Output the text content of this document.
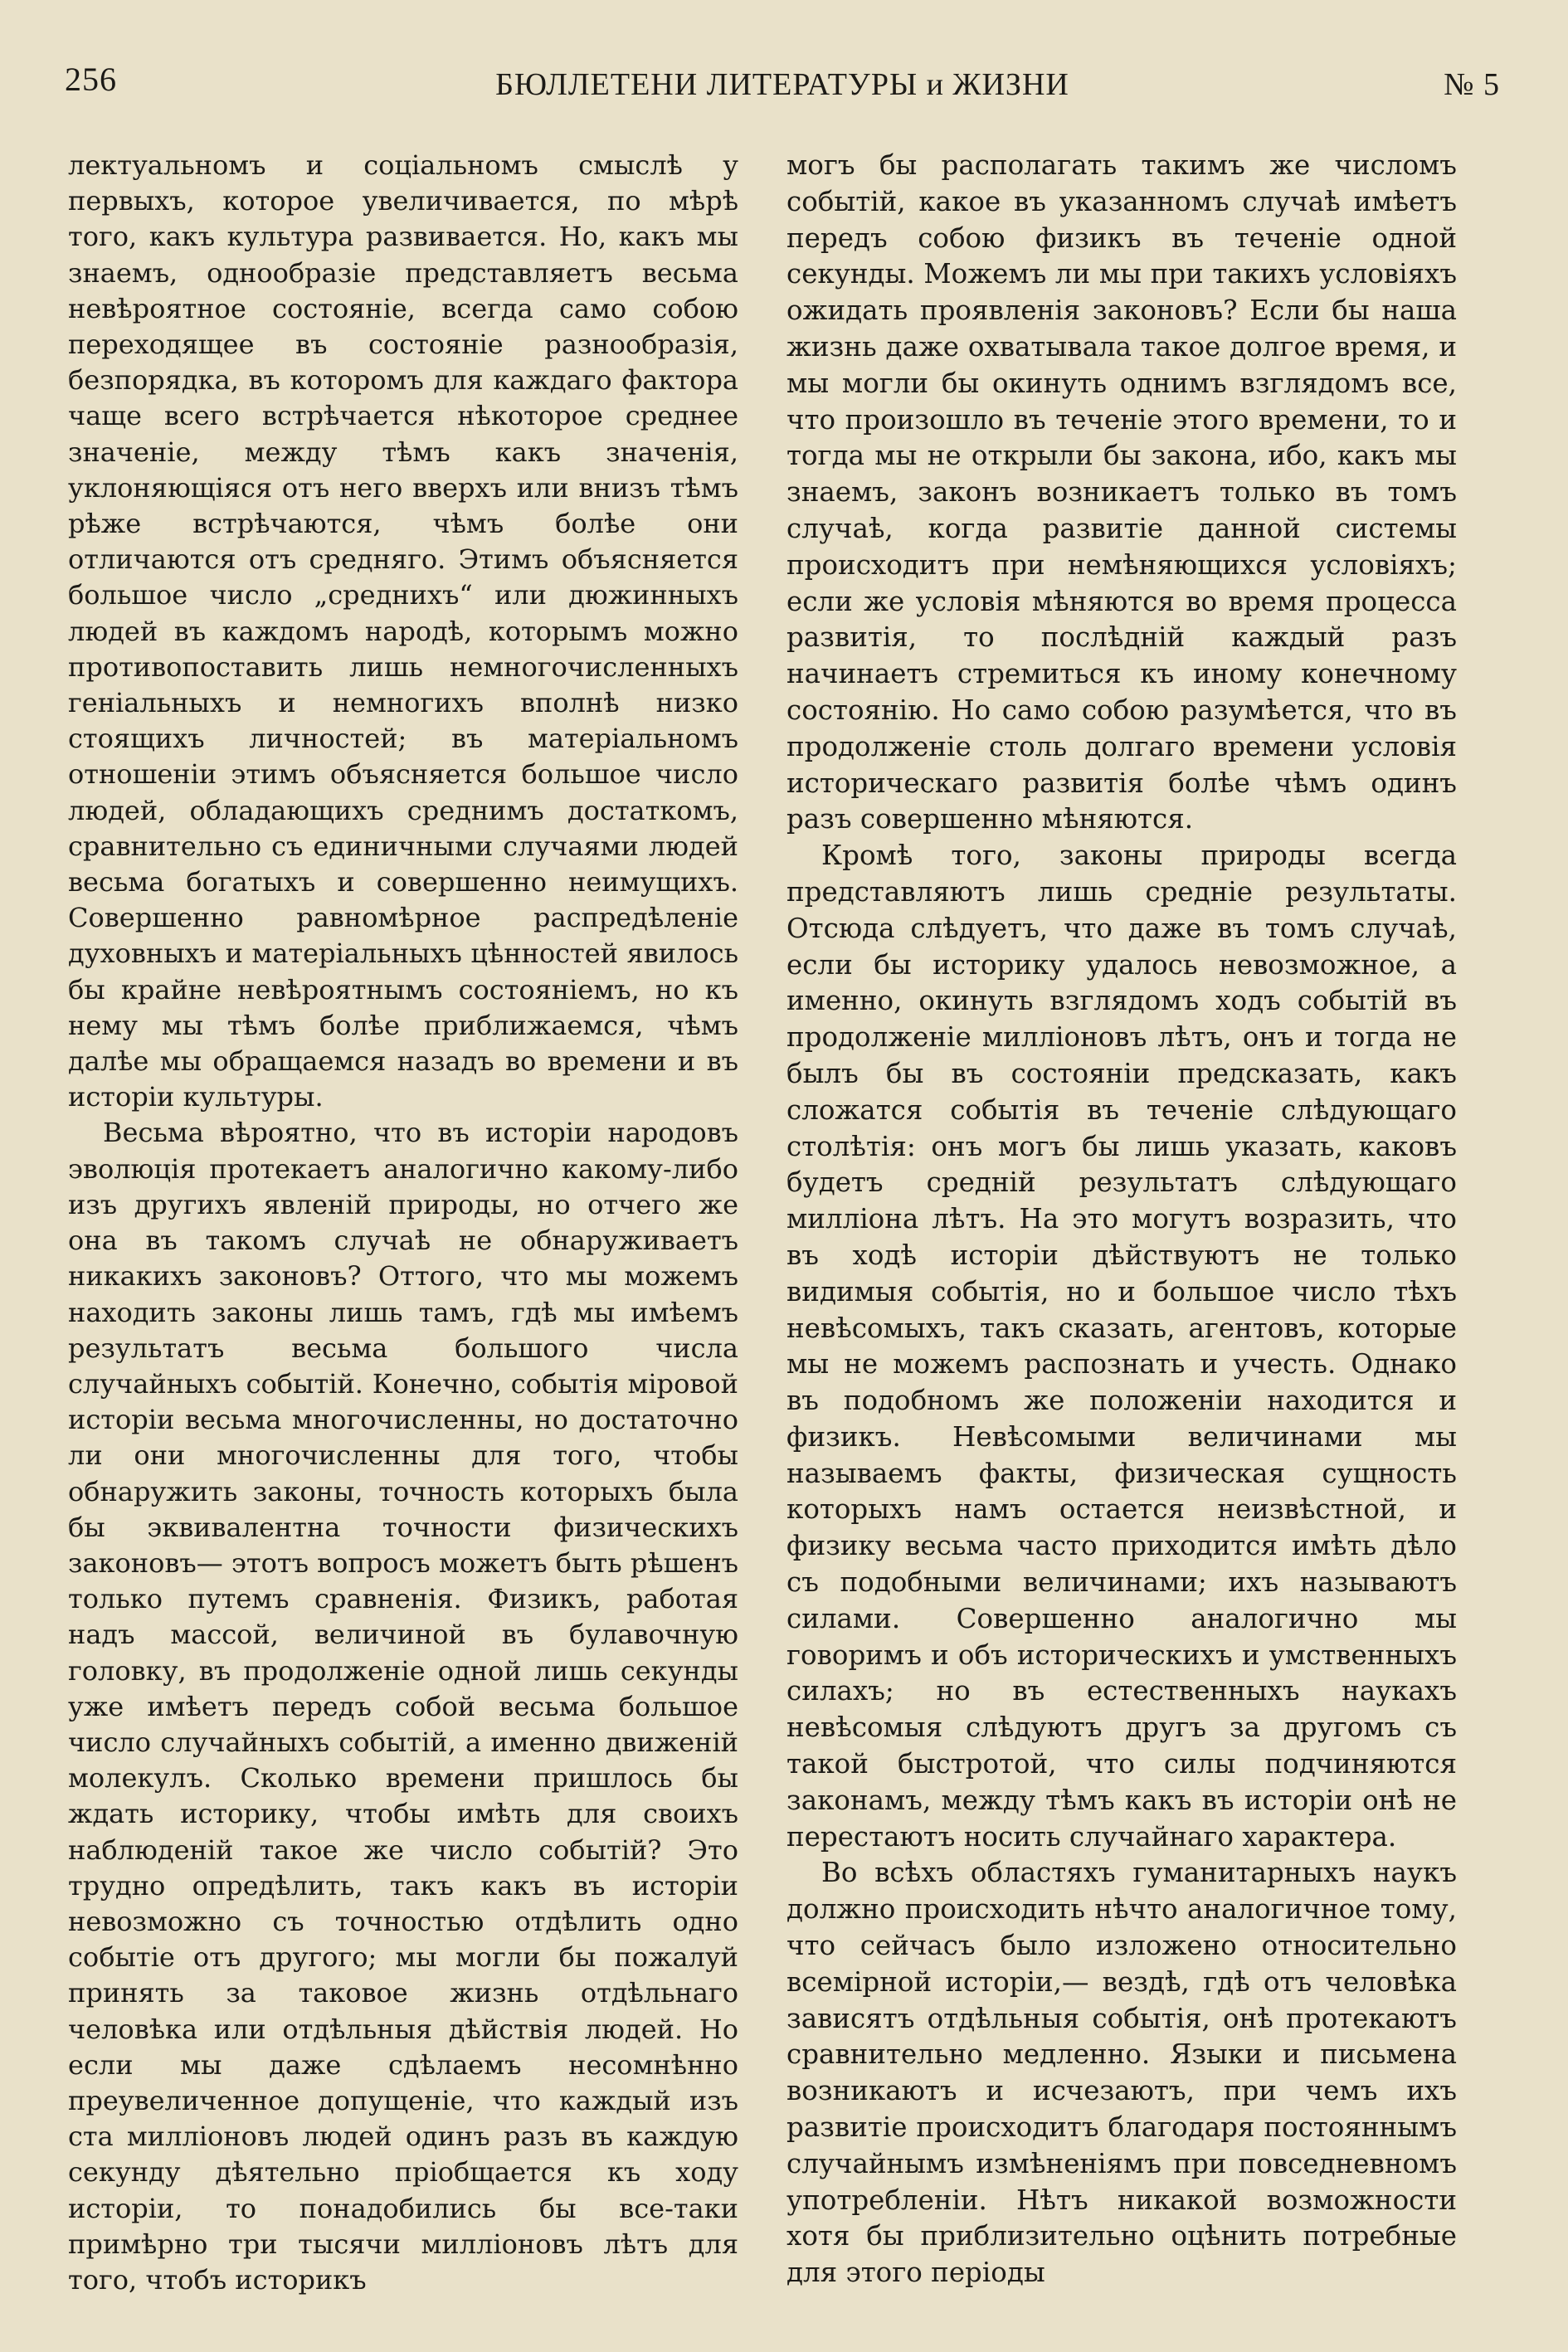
256	БЮЛЛЕТЕНИ ЛИТЕРАТУРЫ и ЖИЗНИ	№ 5

лектуальномъ и соціальномъ смыслѣ у первыхъ, которое увеличивается, по мѣрѣ того, какъ культура развивается. Но, какъ мы знаемъ, однообразіе представляетъ весьма невѣроятное состояніе, всегда само собою переходящее въ состояніе разнообразія, безпорядка, въ которомъ для каждаго фактора чаще всего встрѣчается нѣкоторое среднее значеніе, между тѣмъ какъ значенія, уклоняющіяся отъ него вверхъ или внизъ тѣмъ рѣже встрѣчаются, чѣмъ болѣе они отличаются отъ средняго. Этимъ объясняется большое число „среднихъ“ или дюжинныхъ людей въ каждомъ народѣ, которымъ можно противопоставить лишь немногочисленныхъ геніальныхъ и немногихъ вполнѣ низко стоящихъ личностей; въ матеріальномъ отношеніи этимъ объясняется большое число людей, обладающихъ среднимъ достаткомъ, сравнительно съ единичными случаями людей весьма богатыхъ и совершенно неимущихъ. Совершенно равномѣрное распредѣленіе духовныхъ и матеріальныхъ цѣнностей явилось бы крайне невѣроятнымъ состояніемъ, но къ нему мы тѣмъ болѣе приближаемся, чѣмъ далѣе мы обращаемся назадъ во времени и въ исторіи культуры.

Весьма вѣроятно, что въ исторіи народовъ эволюція протекаетъ аналогично какому-либо изъ другихъ явленій природы, но отчего же она въ такомъ случаѣ не обнаруживаетъ никакихъ законовъ? Оттого, что мы можемъ находить законы лишь тамъ, гдѣ мы имѣемъ результатъ весьма большого числа случайныхъ событій. Конечно, событія міровой исторіи весьма многочисленны, но достаточно ли они многочисленны для того, чтобы обнаружить законы, точность которыхъ была бы эквивалентна точности физическихъ законовъ— этотъ вопросъ можетъ быть рѣшенъ только путемъ сравненія. Физикъ, работая надъ массой, величиной въ булавочную головку, въ продолженіе одной лишь секунды уже имѣетъ передъ собой весьма большое число случайныхъ событій, а именно движеній молекулъ. Сколько времени пришлось бы ждать историку, чтобы имѣть для своихъ наблюденій такое же число событій? Это трудно опредѣлить, такъ какъ въ исторіи невозможно съ точностью отдѣлить одно событіе отъ другого; мы могли бы пожалуй принять за таковое жизнь отдѣльнаго человѣка или отдѣльныя дѣйствія людей. Но если мы даже сдѣлаемъ несомнѣнно преувеличенное допущеніе, что каждый изъ ста милліоновъ людей одинъ разъ въ каждую секунду дѣятельно пріобщается къ ходу исторіи, то понадобились бы все-таки примѣрно три тысячи милліоновъ лѣтъ для того, чтобъ историкъ

могъ бы располагать такимъ же числомъ событій, какое въ указанномъ случаѣ имѣетъ передъ собою физикъ въ теченіе одной секунды. Можемъ ли мы при такихъ условіяхъ ожидать проявленія законовъ? Если бы наша жизнь даже охватывала такое долгое время, и мы могли бы окинуть однимъ взглядомъ все, что произошло въ теченіе этого времени, то и тогда мы не открыли бы закона, ибо, какъ мы знаемъ, законъ возникаетъ только въ томъ случаѣ, когда развитіе данной системы происходитъ при немѣняющихся условіяхъ; если же условія мѣняются во время процесса развитія, то послѣдній каждый разъ начинаетъ стремиться къ иному конечному состоянію. Но само собою разумѣется, что въ продолженіе столь долгаго времени условія историческаго развитія болѣе чѣмъ одинъ разъ совершенно мѣняются.

Кромѣ того, законы природы всегда представляютъ лишь средніе результаты. Отсюда слѣдуетъ, что даже въ томъ случаѣ, если бы историку удалось невозможное, а именно, окинуть взглядомъ ходъ событій въ продолженіе милліоновъ лѣтъ, онъ и тогда не былъ бы въ состояніи предсказать, какъ сложатся событія въ теченіе слѣдующаго столѣтія: онъ могъ бы лишь указать, каковъ будетъ средній результатъ слѣдующаго милліона лѣтъ. На это могутъ возразить, что въ ходѣ исторіи дѣйствуютъ не только видимыя событія, но и большое число тѣхъ невѣсомыхъ, такъ сказать, агентовъ, которые мы не можемъ распознать и учесть. Однако въ подобномъ же положеніи находится и физикъ. Невѣсомыми величинами мы называемъ факты, физическая сущность которыхъ намъ остается неизвѣстной, и физику весьма часто приходится имѣть дѣло съ подобными величинами; ихъ называютъ силами. Совершенно аналогично мы говоримъ и объ историческихъ и умственныхъ силахъ; но въ естественныхъ наукахъ невѣсомыя слѣдуютъ другъ за другомъ съ такой быстротой, что силы подчиняются законамъ, между тѣмъ какъ въ исторіи онѣ не перестаютъ носить случайнаго характера.

Во всѣхъ областяхъ гуманитарныхъ наукъ должно происходить нѣчто аналогичное тому, что сейчасъ было изложено относительно всемірной исторіи,— вездѣ, гдѣ отъ человѣка зависятъ отдѣльныя событія, онѣ протекаютъ сравнительно медленно. Языки и письмена возникаютъ и исчезаютъ, при чемъ ихъ развитіе происходитъ благодаря постояннымъ случайнымъ измѣненіямъ при повседневномъ употребленіи. Нѣтъ никакой возможности хотя бы приблизительно оцѣнить потребные для этого періоды
